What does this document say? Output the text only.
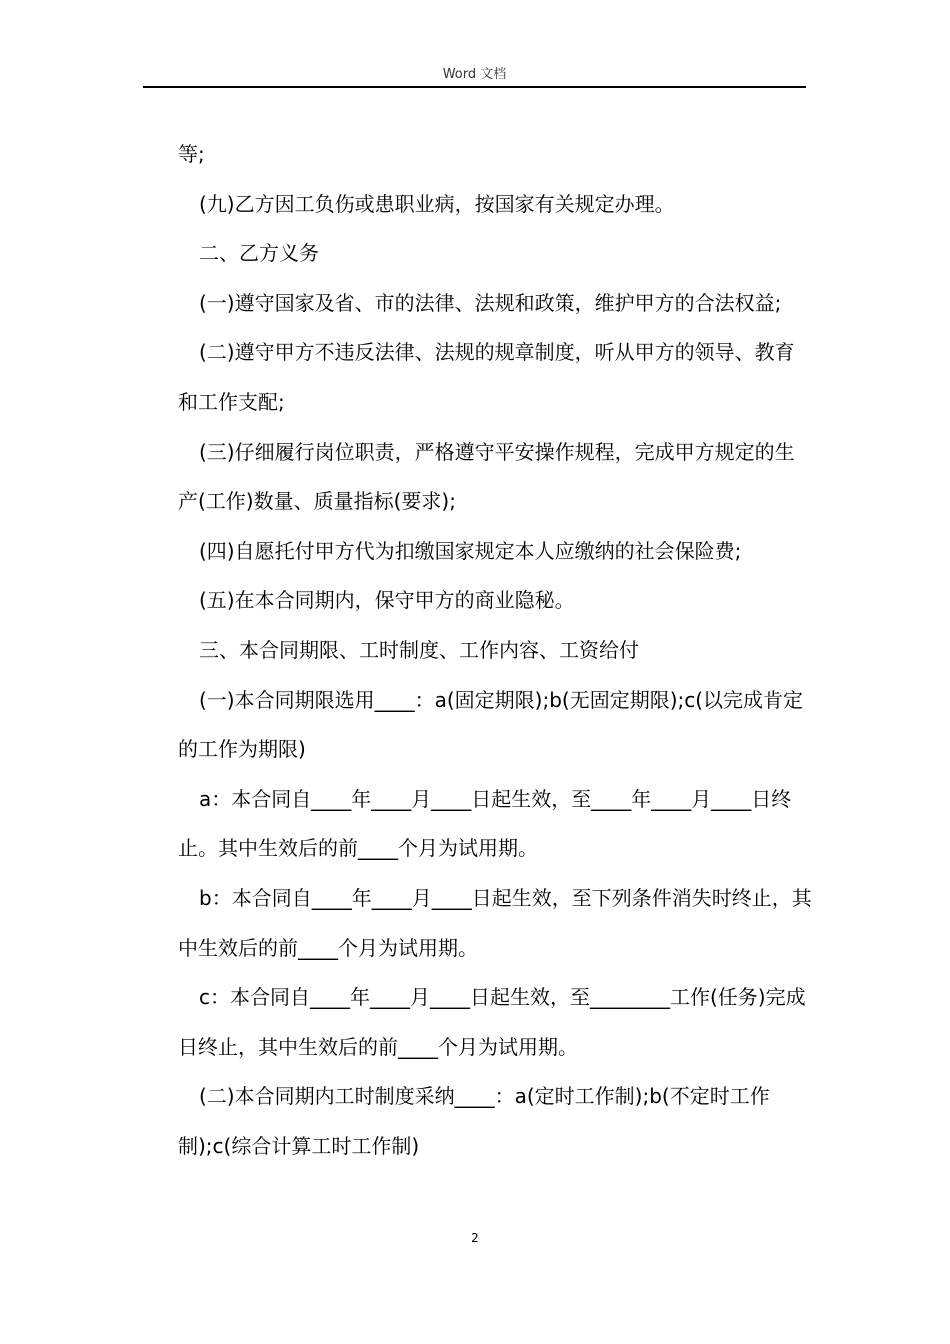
Word 文档

等;

(九)乙方因工负伤或患职业病，按国家有关规定办理。

二、乙方义务

(一)遵守国家及省、市的法律、法规和政策，维护甲方的合法权益;

(二)遵守甲方不违反法律、法规的规章制度，听从甲方的领导、教育和工作支配;

(三)仔细履行岗位职责，严格遵守平安操作规程，完成甲方规定的生产(工作)数量、质量指标(要求);

(四)自愿托付甲方代为扣缴国家规定本人应缴纳的社会保险费;

(五)在本合同期内，保守甲方的商业隐秘。

三、本合同期限、工时制度、工作内容、工资给付

(一)本合同期限选用____：a(固定期限);b(无固定期限);c(以完成肯定的工作为期限)

a：本合同自____年____月____日起生效，至____年____月____日终止。其中生效后的前____个月为试用期。

b：本合同自____年____月____日起生效，至下列条件消失时终止，其中生效后的前____个月为试用期。

c：本合同自____年____月____日起生效，至________工作(任务)完成日终止，其中生效后的前____个月为试用期。

(二)本合同期内工时制度采纳____：a(定时工作制);b(不定时工作制);c(综合计算工时工作制)

2
